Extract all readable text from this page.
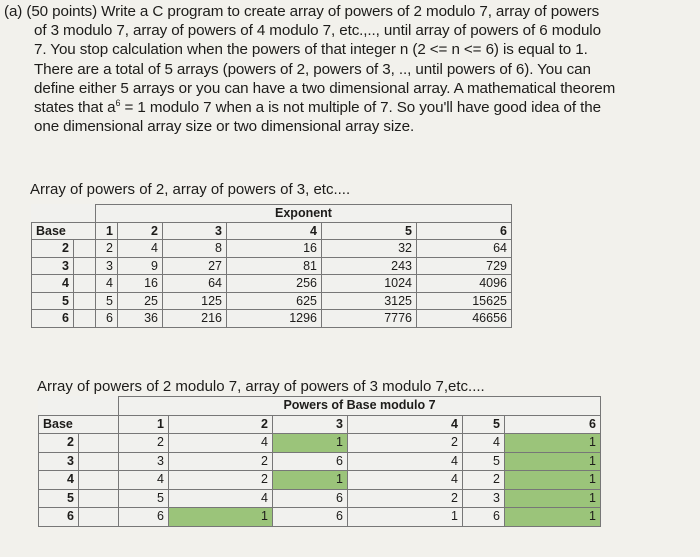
(a) (50 points) Write a C program to create array of powers of 2 modulo 7, array of powers
of 3 modulo 7, array of powers of 4 modulo 7, etc.,.., until array of powers of 6 modulo
7. You stop calculation when the powers of that integer n (2 <= n <= 6) is equal to 1.
There are a total of 5 arrays (powers of 2, powers of 3, .., until powers of 6). You can
define either 5 arrays or you can have a two dimensional array. A mathematical theorem
states that $a^6 = 1$ modulo 7 when a is not multiple of 7. So you'll have good idea of the
one dimensional array size or two dimensional array size.
Array of powers of 2, array of powers of 3, etc....
		Exponent					
Base		1	2	3	4	5	6
2		2	4	8	16	32	64
3		3	9	27	81	243	729
4		4	16	64	256	1024	4096
5		5	25	125	625	3125	15625
6		6	36	216	1296	7776	46656
Array of powers of 2 modulo 7, array of powers of 3 modulo 7,etc....
		Powers of Base modulo 7					
Base		1	2	3	4	5	6
2		2	4	1	2	4	1
3		3	2	6	4	5	1
4		4	2	1	4	2	1
5		5	4	6	2	3	1
6		6	1	6	1	6	1
